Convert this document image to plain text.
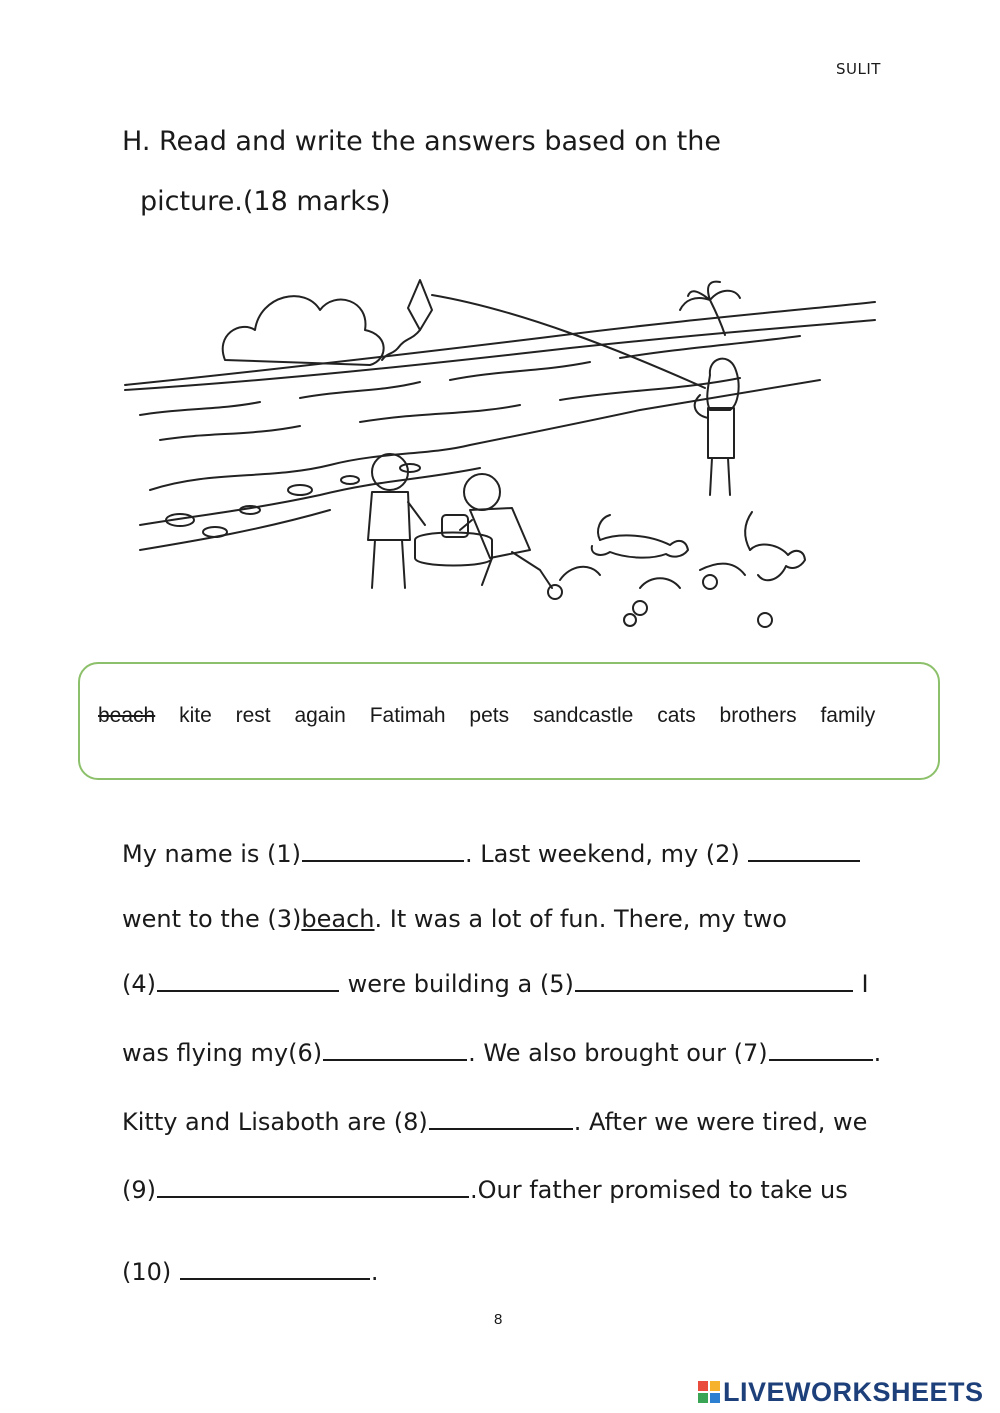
SULIT
H. Read and write the answers based on the
picture.(18 marks)
beach kite rest again Fatimah pets sandcastle cats brothers family
My name is (1)	. Last weekend, my (2)
went to the (3)beach. It was a lot of fun. There, my two
(4)	were building a (5)	I
was flying my(6)	. We also brought our (7)	.
Kitty and Lisaboth are (8)	. After we were tired, we
(9)	.Our father promised to take us
(10)	.
8
LIVEWORKSHEETS
